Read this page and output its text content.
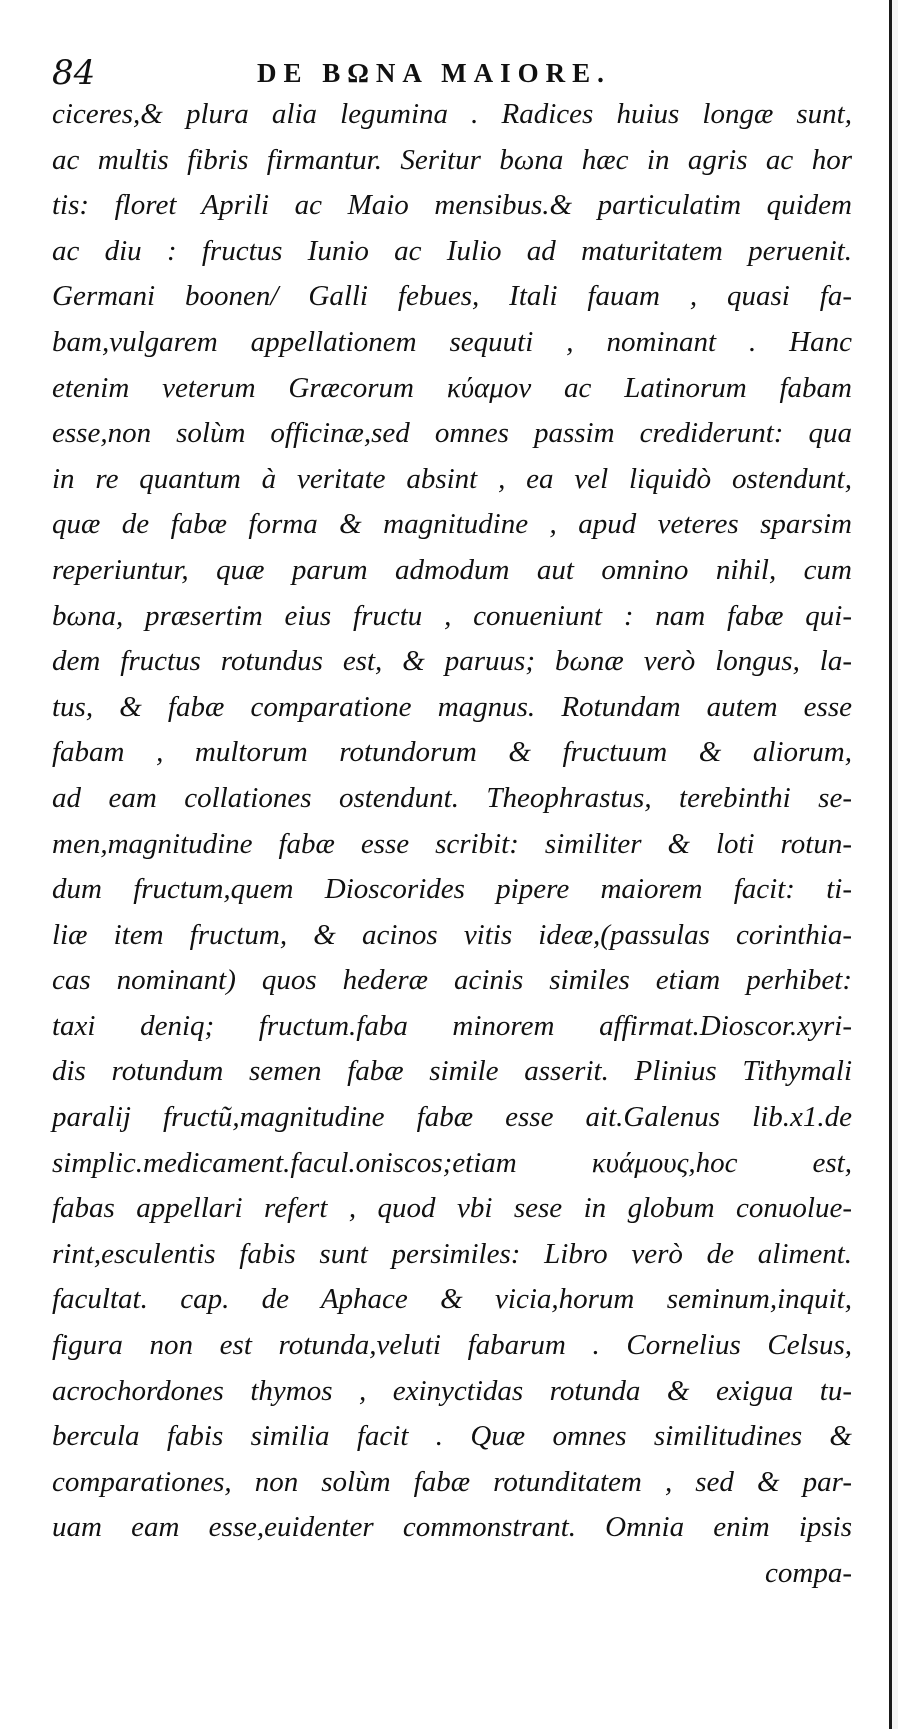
84	DE BΩNA MAIORE.
ciceres,& plura alia legumina . Radices huius longæ sunt,
ac multis fibris firmantur. Seritur bωna hæc in agris ac hor
tis: floret Aprili ac Maio mensibus.& particulatim quidem
ac diu : fructus Iunio ac Iulio ad maturitatem peruenit.
Germani boonen/ Galli febues, Itali fauam , quasi fa-
bam,vulgarem appellationem sequuti , nominant . Hanc
etenim veterum Græcorum κύαμον ac Latinorum fabam
esse,non solùm officinæ,sed omnes passim crediderunt: qua
in re quantum à veritate absint , ea vel liquidò ostendunt,
quæ de fabæ forma & magnitudine , apud veteres sparsim
reperiuntur, quæ parum admodum aut omnino nihil, cum
bωna, præsertim eius fructu , conueniunt : nam fabæ qui-
dem fructus rotundus est, & paruus; bωnæ verò longus, la-
tus, & fabæ comparatione magnus. Rotundam autem esse
fabam , multorum rotundorum & fructuum & aliorum,
ad eam collationes ostendunt. Theophrastus, terebinthi se-
men,magnitudine fabæ esse scribit: similiter & loti rotun-
dum fructum,quem Dioscorides pipere maiorem facit: ti-
liæ item fructum, & acinos vitis ideæ,(passulas corinthia-
cas nominant) quos hederæ acinis similes etiam perhibet:
taxi deniq; fructum.faba minorem affirmat.Dioscor.xyri-
dis rotundum semen fabæ simile asserit. Plinius Tithymali
paralij fructũ,magnitudine fabæ esse ait.Galenus lib.x1.de
simplic.medicament.facul.oniscos;etiam κυάμους,hoc est,
fabas appellari refert , quod vbi sese in globum conuolue-
rint,esculentis fabis sunt persimiles: Libro verò de aliment.
facultat. cap. de Aphace & vicia,horum seminum,inquit,
figura non est rotunda,veluti fabarum . Cornelius Celsus,
acrochordones thymos , exinyctidas rotunda & exigua tu-
bercula fabis similia facit . Quæ omnes similitudines &
comparationes, non solùm fabæ rotunditatem , sed & par-
uam eam esse,euidenter commonstrant. Omnia enim ipsis
compa-
